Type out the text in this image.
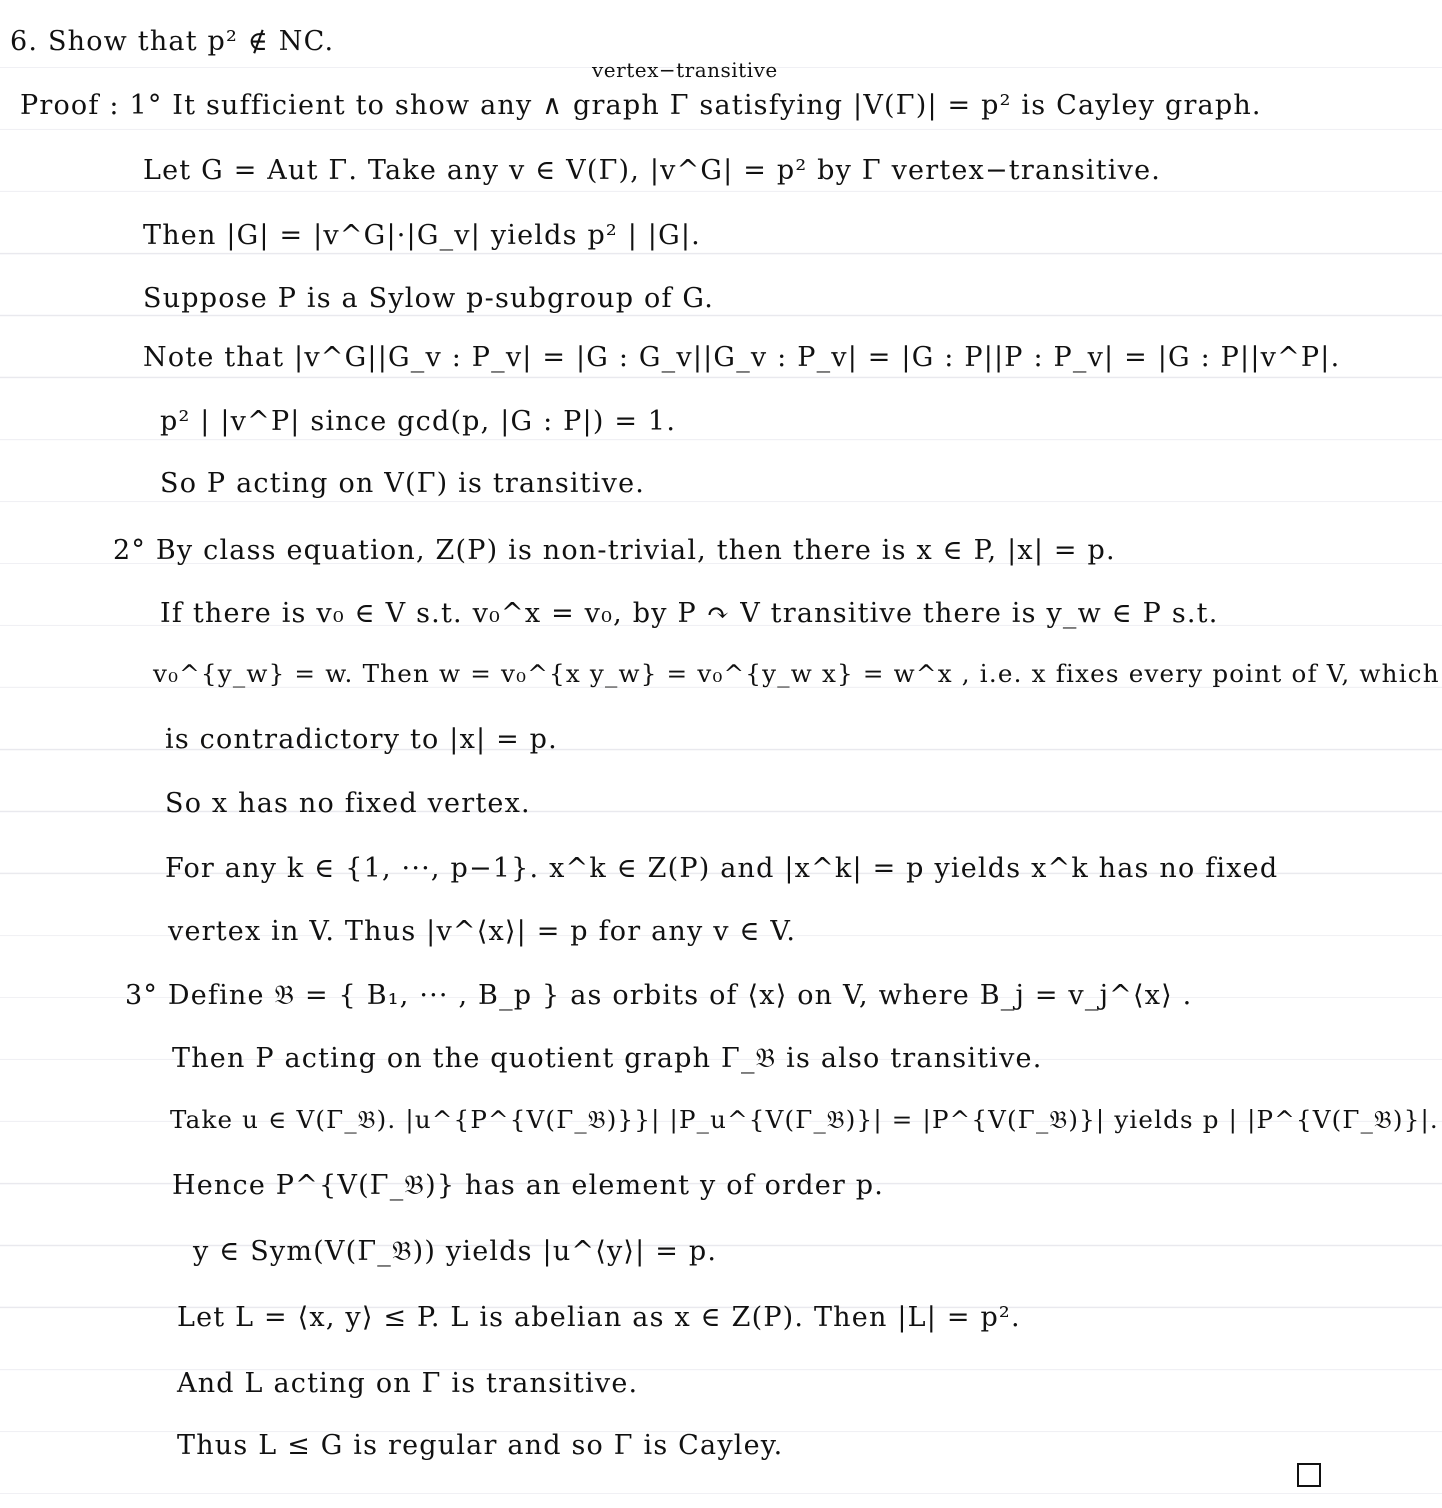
6. Show that p² ∉ NC.
vertex−transitive
Proof : 1° It sufficient to show any ∧ graph Γ satisfying |V(Γ)| = p² is Cayley graph.
Let G = Aut Γ. Take any v ∈ V(Γ), |v^G| = p² by Γ vertex−transitive.
Then |G| = |v^G|·|G_v| yields p² | |G|.
Suppose P is a Sylow p-subgroup of G.
Note that |v^G||G_v : P_v| = |G : G_v||G_v : P_v| = |G : P||P : P_v| = |G : P||v^P|.
p² | |v^P| since gcd(p, |G : P|) = 1.
So P acting on V(Γ) is transitive.
2° By class equation, Z(P) is non-trivial, then there is x ∈ P, |x| = p.
If there is v₀ ∈ V s.t. v₀^x = v₀, by P ↷ V transitive there is y_w ∈ P s.t.
v₀^{y_w} = w. Then w = v₀^{x y_w} = v₀^{y_w x} = w^x , i.e. x fixes every point of V, which
is contradictory to |x| = p.
So x has no fixed vertex.
For any k ∈ {1, ···, p−1}. x^k ∈ Z(P) and |x^k| = p yields x^k has no fixed
vertex in V. Thus |v^⟨x⟩| = p for any v ∈ V.
3° Define 𝔅 = { B₁, ··· , B_p } as orbits of ⟨x⟩ on V, where B_j = v_j^⟨x⟩ .
Then P acting on the quotient graph Γ_𝔅 is also transitive.
Take u ∈ V(Γ_𝔅). |u^{P^{V(Γ_𝔅)}}| |P_u^{V(Γ_𝔅)}| = |P^{V(Γ_𝔅)}| yields p | |P^{V(Γ_𝔅)}|.
Hence P^{V(Γ_𝔅)} has an element y of order p.
y ∈ Sym(V(Γ_𝔅)) yields |u^⟨y⟩| = p.
Let L = ⟨x, y⟩ ≤ P. L is abelian as x ∈ Z(P). Then |L| = p².
And L acting on Γ is transitive.
Thus L ≤ G is regular and so Γ is Cayley.
